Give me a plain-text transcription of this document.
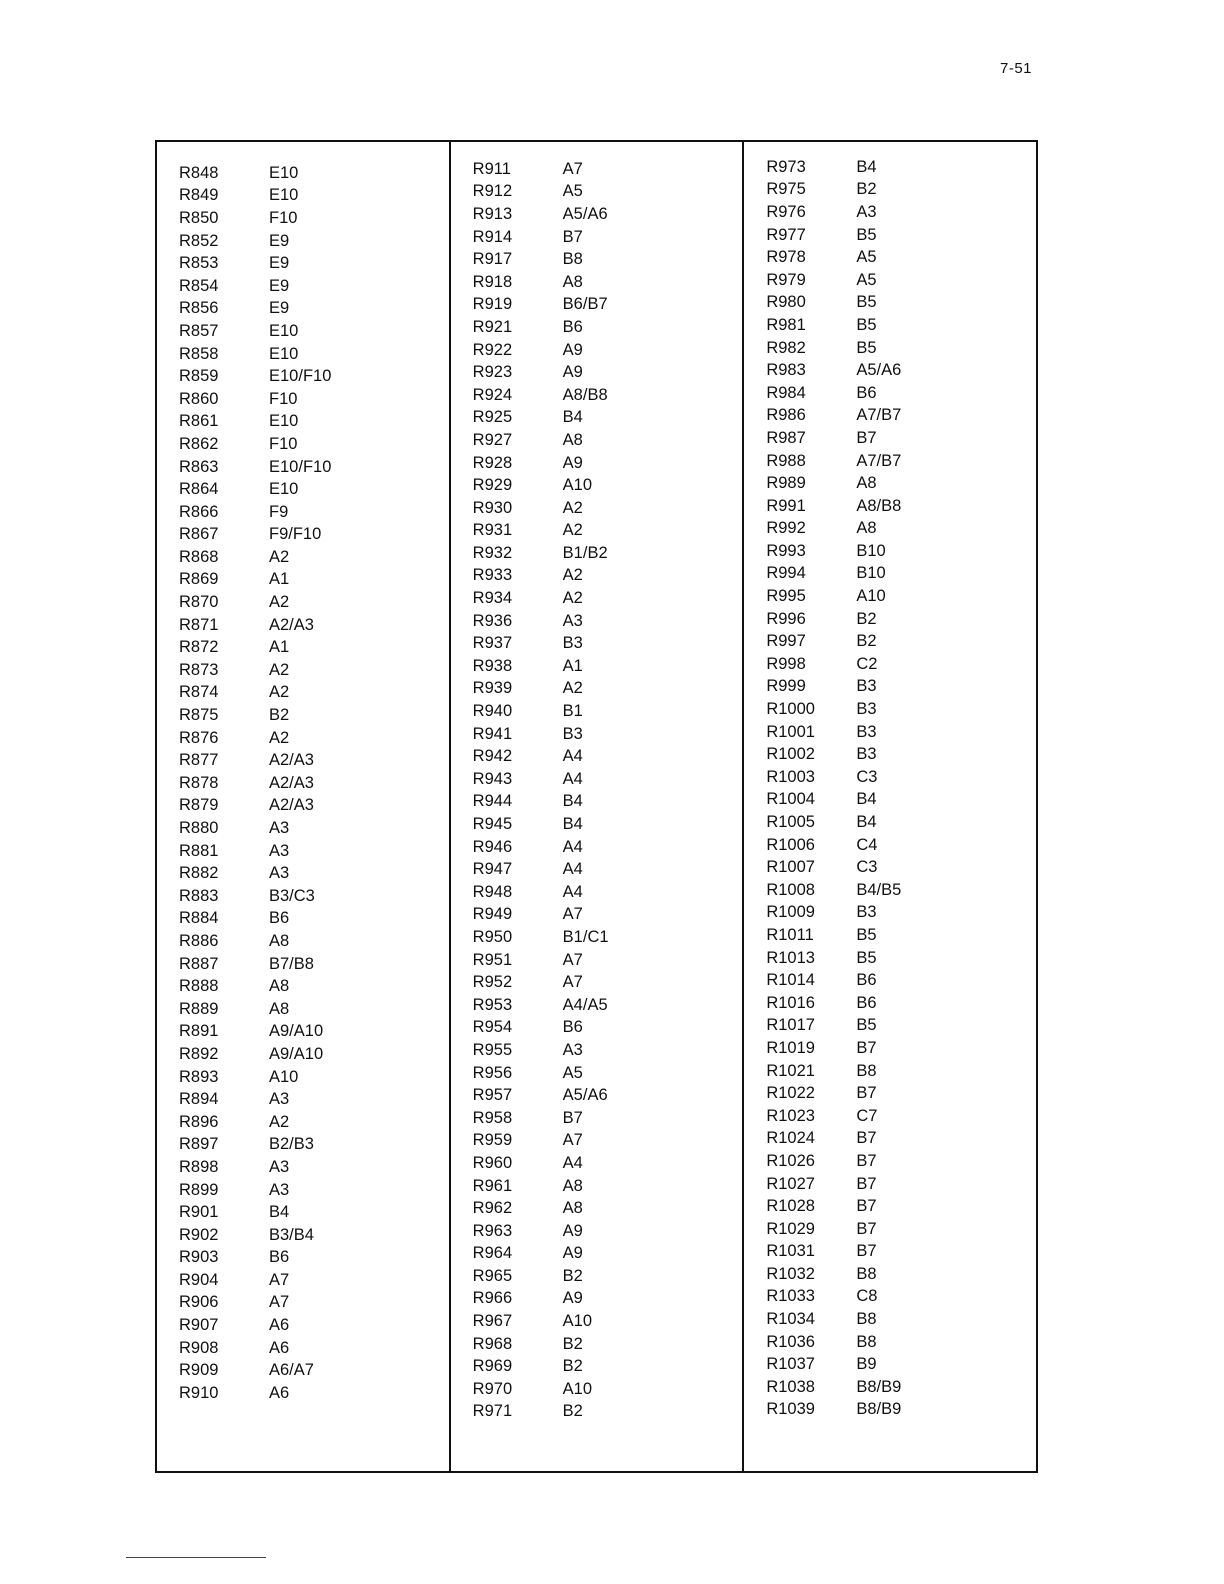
7-51
R848	E10
R849	E10
R850	F10
R852	E9
R853	E9
R854	E9
R856	E9
R857	E10
R858	E10
R859	E10/F10
R860	F10
R861	E10
R862	F10
R863	E10/F10
R864	E10
R866	F9
R867	F9/F10
R868	A2
R869	A1
R870	A2
R871	A2/A3
R872	A1
R873	A2
R874	A2
R875	B2
R876	A2
R877	A2/A3
R878	A2/A3
R879	A2/A3
R880	A3
R881	A3
R882	A3
R883	B3/C3
R884	B6
R886	A8
R887	B7/B8
R888	A8
R889	A8
R891	A9/A10
R892	A9/A10
R893	A10
R894	A3
R896	A2
R897	B2/B3
R898	A3
R899	A3
R901	B4
R902	B3/B4
R903	B6
R904	A7
R906	A7
R907	A6
R908	A6
R909	A6/A7
R910	A6
R911	A7
R912	A5
R913	A5/A6
R914	B7
R917	B8
R918	A8
R919	B6/B7
R921	B6
R922	A9
R923	A9
R924	A8/B8
R925	B4
R927	A8
R928	A9
R929	A10
R930	A2
R931	A2
R932	B1/B2
R933	A2
R934	A2
R936	A3
R937	B3
R938	A1
R939	A2
R940	B1
R941	B3
R942	A4
R943	A4
R944	B4
R945	B4
R946	A4
R947	A4
R948	A4
R949	A7
R950	B1/C1
R951	A7
R952	A7
R953	A4/A5
R954	B6
R955	A3
R956	A5
R957	A5/A6
R958	B7
R959	A7
R960	A4
R961	A8
R962	A8
R963	A9
R964	A9
R965	B2
R966	A9
R967	A10
R968	B2
R969	B2
R970	A10
R971	B2
R973	B4
R975	B2
R976	A3
R977	B5
R978	A5
R979	A5
R980	B5
R981	B5
R982	B5
R983	A5/A6
R984	B6
R986	A7/B7
R987	B7
R988	A7/B7
R989	A8
R991	A8/B8
R992	A8
R993	B10
R994	B10
R995	A10
R996	B2
R997	B2
R998	C2
R999	B3
R1000	B3
R1001	B3
R1002	B3
R1003	C3
R1004	B4
R1005	B4
R1006	C4
R1007	C3
R1008	B4/B5
R1009	B3
R1011	B5
R1013	B5
R1014	B6
R1016	B6
R1017	B5
R1019	B7
R1021	B8
R1022	B7
R1023	C7
R1024	B7
R1026	B7
R1027	B7
R1028	B7
R1029	B7
R1031	B7
R1032	B8
R1033	C8
R1034	B8
R1036	B8
R1037	B9
R1038	B8/B9
R1039	B8/B9
